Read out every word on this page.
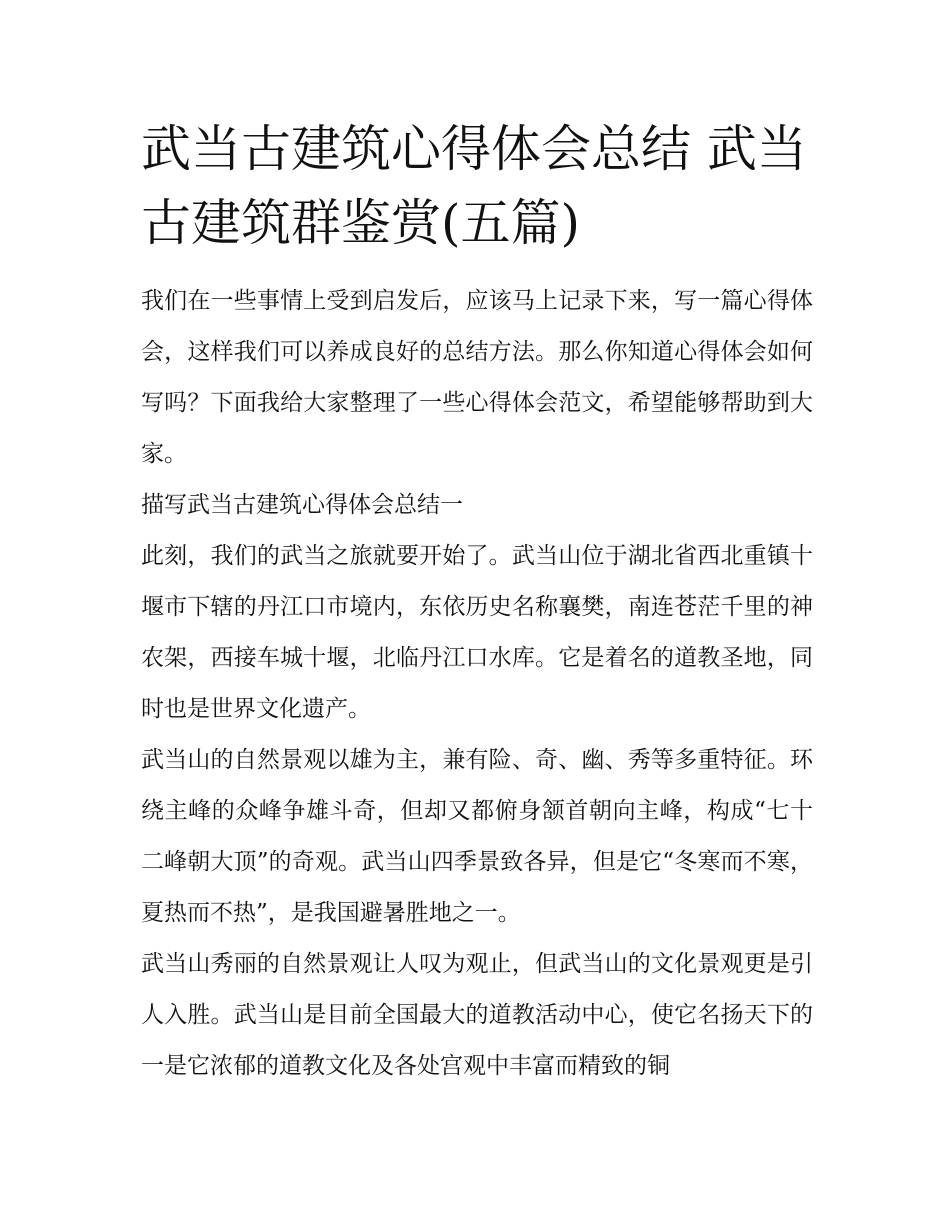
武当古建筑心得体会总结 武当
古建筑群鉴赏(五篇)

我们在一些事情上受到启发后，应该马上记录下来，写一篇心得体会，这样我们可以养成良好的总结方法。那么你知道心得体会如何写吗？下面我给大家整理了一些心得体会范文，希望能够帮助到大家。

描写武当古建筑心得体会总结一

此刻，我们的武当之旅就要开始了。武当山位于湖北省西北重镇十堰市下辖的丹江口市境内，东依历史名称襄樊，南连苍茫千里的神农架，西接车城十堰，北临丹江口水库。它是着名的道教圣地，同时也是世界文化遗产。

武当山的自然景观以雄为主，兼有险、奇、幽、秀等多重特征。环绕主峰的众峰争雄斗奇，但却又都俯身颔首朝向主峰，构成“七十二峰朝大顶”的奇观。武当山四季景致各异，但是它“冬寒而不寒，夏热而不热”，是我国避暑胜地之一。

武当山秀丽的自然景观让人叹为观止，但武当山的文化景观更是引人入胜。武当山是目前全国最大的道教活动中心，使它名扬天下的一是它浓郁的道教文化及各处宫观中丰富而精致的铜
